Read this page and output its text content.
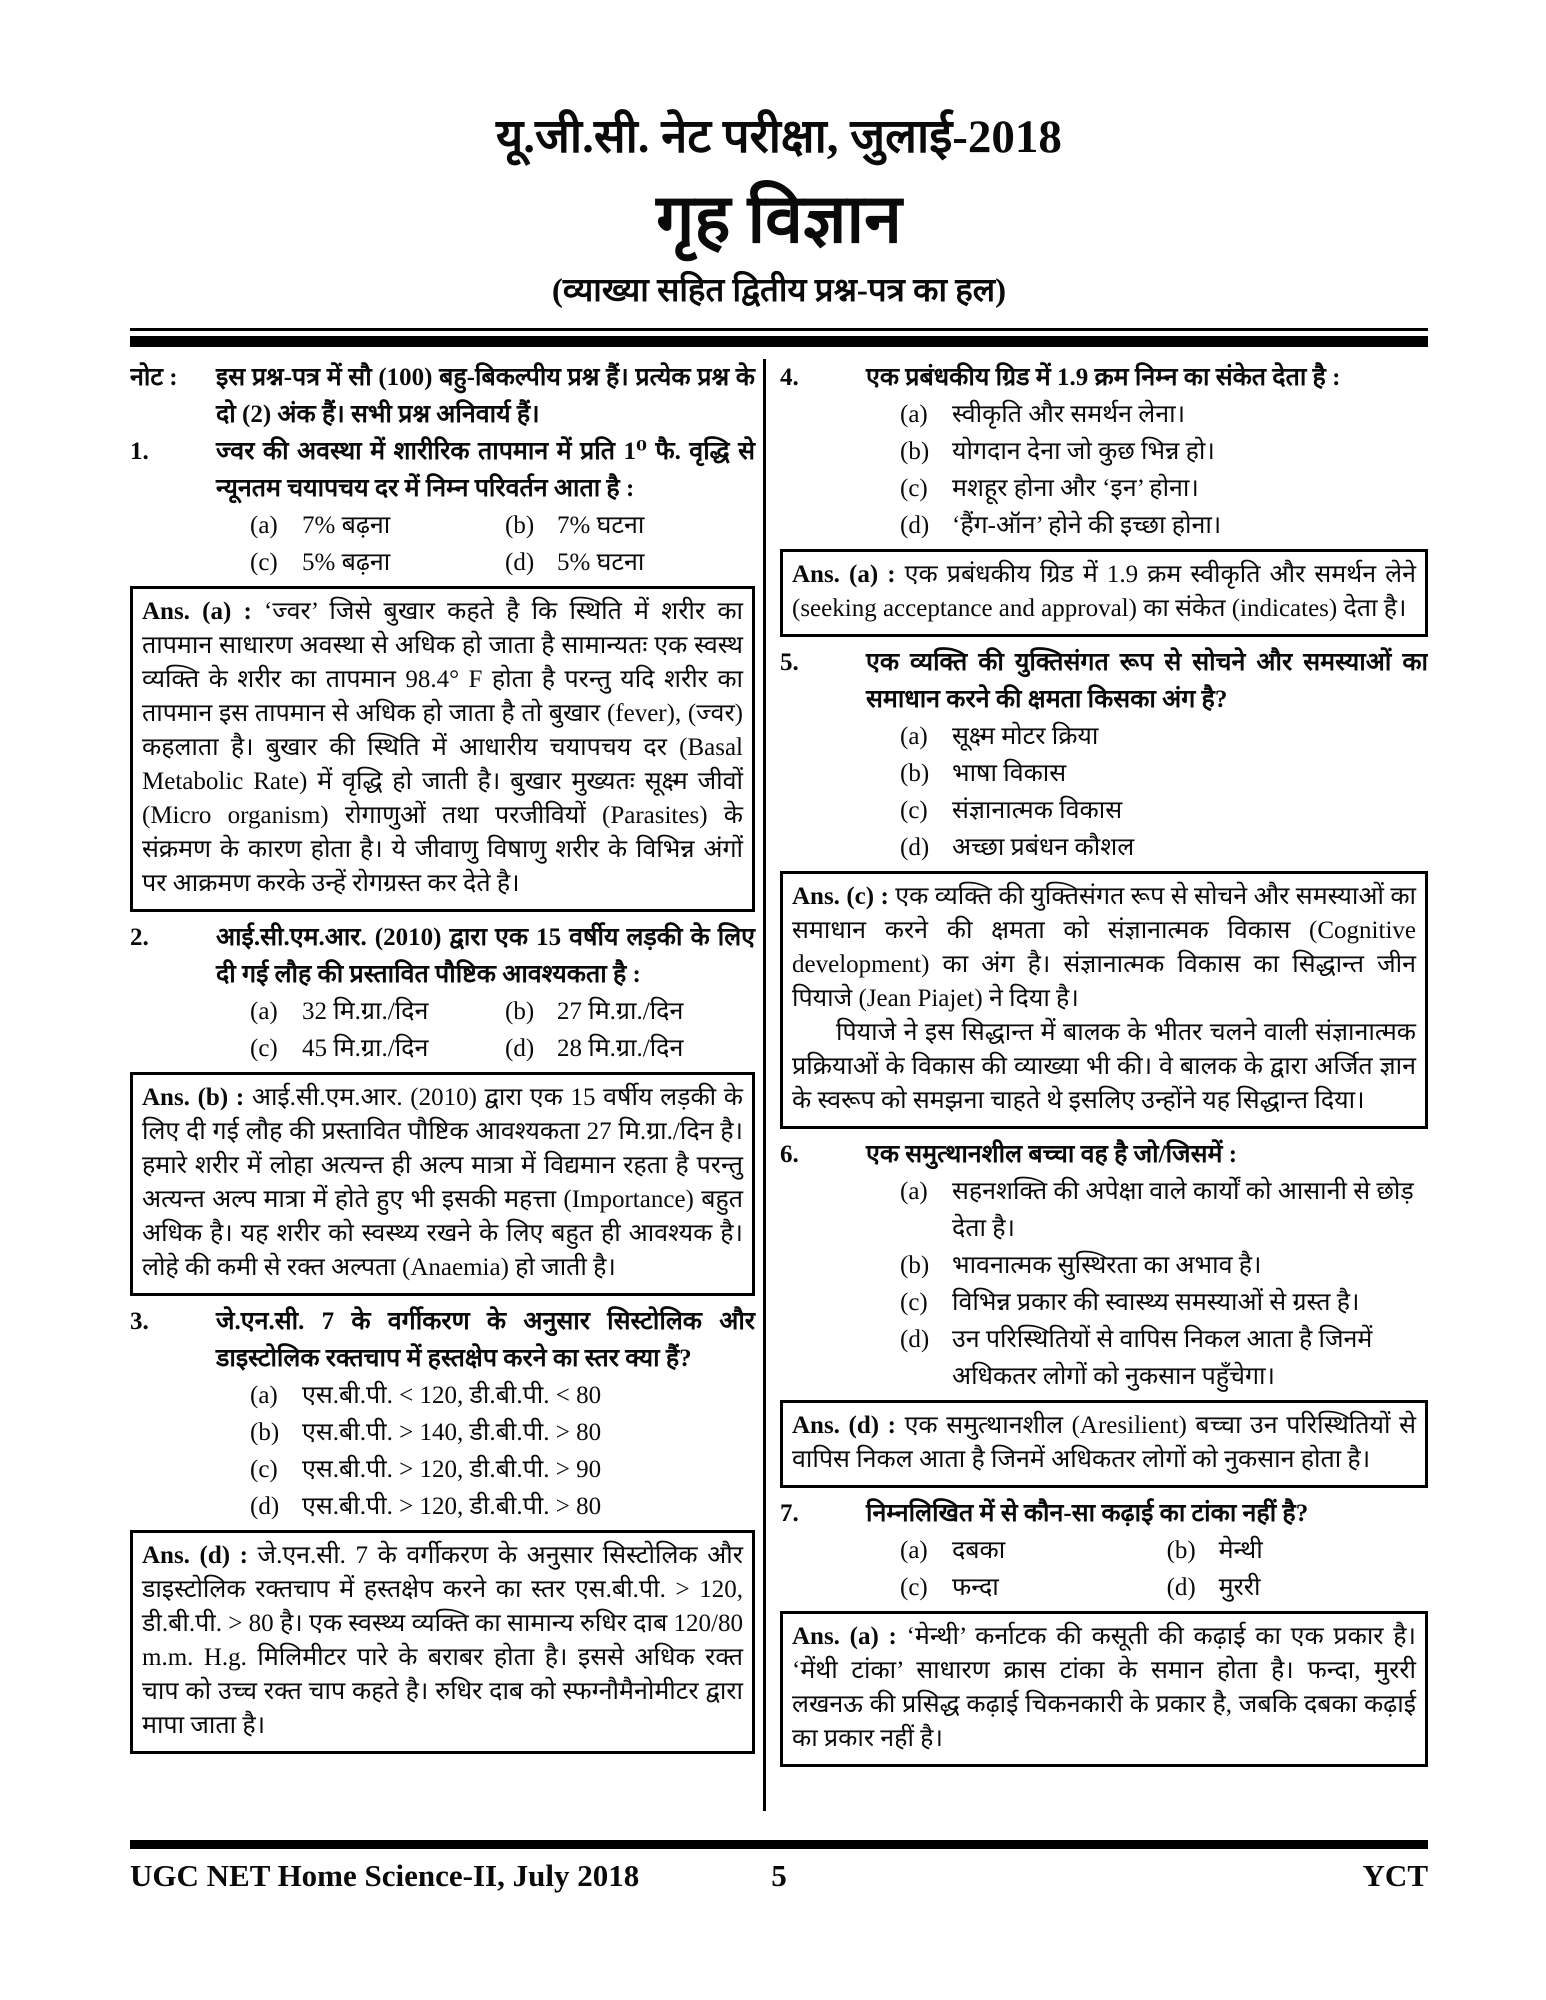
यू.जी.सी. नेट परीक्षा, जुलाई-2018
गृह विज्ञान
(व्याख्या सहित द्वितीय प्रश्न-पत्र का हल)
नोट :	इस प्रश्न-पत्र में सौ (100) बहु-बिकल्पीय प्रश्न हैं। प्रत्येक प्रश्न के दो (2) अंक हैं। सभी प्रश्न अनिवार्य हैं।
1.	ज्वर की अवस्था में शारीरिक तापमान में प्रति 1⁰ फै. वृद्धि से न्यूनतम चयापचय दर में निम्न परिवर्तन आता है :
(a) 7% बढ़ना	(b) 7% घटना
(c) 5% बढ़ना	(d) 5% घटना

Ans. (a) : ‘ज्वर’ जिसे बुखार कहते है कि स्थिति में शरीर का तापमान साधारण अवस्था से अधिक हो जाता है सामान्यतः एक स्वस्थ व्यक्ति के शरीर का तापमान 98.4° F होता है परन्तु यदि शरीर का तापमान इस तापमान से अधिक हो जाता है तो बुखार (fever), (ज्वर) कहलाता है। बुखार की स्थिति में आधारीय चयापचय दर (Basal Metabolic Rate) में वृद्धि हो जाती है। बुखार मुख्यतः सूक्ष्म जीवों (Micro organism) रोगाणुओं तथा परजीवियों (Parasites) के संक्रमण के कारण होता है। ये जीवाणु विषाणु शरीर के विभिन्न अंगों पर आक्रमण करके उन्हें रोगग्रस्त कर देते है।

2.	आई.सी.एम.आर. (2010) द्वारा एक 15 वर्षीय लड़की के लिए दी गई लौह की प्रस्तावित पौष्टिक आवश्यकता है :
(a) 32 मि.ग्रा./दिन	(b) 27 मि.ग्रा./दिन
(c) 45 मि.ग्रा./दिन	(d) 28 मि.ग्रा./दिन

Ans. (b) : आई.सी.एम.आर. (2010) द्वारा एक 15 वर्षीय लड़की के लिए दी गई लौह की प्रस्तावित पौष्टिक आवश्यकता 27 मि.ग्रा./दिन है। हमारे शरीर में लोहा अत्यन्त ही अल्प मात्रा में विद्यमान रहता है परन्तु अत्यन्त अल्प मात्रा में होते हुए भी इसकी महत्ता (Importance) बहुत अधिक है। यह शरीर को स्वस्थ्य रखने के लिए बहुत ही आवश्यक है। लोहे की कमी से रक्त अल्पता (Anaemia) हो जाती है।

3.	जे.एन.सी. 7 के वर्गीकरण के अनुसार सिस्टोलिक और डाइस्टोलिक रक्तचाप में हस्तक्षेप करने का स्तर क्या हैं?
(a) एस.बी.पी. < 120, डी.बी.पी. < 80
(b) एस.बी.पी. > 140, डी.बी.पी. > 80
(c) एस.बी.पी. > 120, डी.बी.पी. > 90
(d) एस.बी.पी. > 120, डी.बी.पी. > 80

Ans. (d) : जे.एन.सी. 7 के वर्गीकरण के अनुसार सिस्टोलिक और डाइस्टोलिक रक्तचाप में हस्तक्षेप करने का स्तर एस.बी.पी. > 120, डी.बी.पी. > 80 है। एक स्वस्थ्य व्यक्ति का सामान्य रुधिर दाब 120/80 m.m. H.g. मिलिमीटर पारे के बराबर होता है। इससे अधिक रक्त चाप को उच्च रक्त चाप कहते है। रुधिर दाब को स्फग्नौमैनोमीटर द्वारा मापा जाता है।

4.	एक प्रबंधकीय ग्रिड में 1.9 क्रम निम्न का संकेत देता है :
(a) स्वीकृति और समर्थन लेना।
(b) योगदान देना जो कुछ भिन्न हो।
(c) मशहूर होना और ‘इन’ होना।
(d) ‘हैंग-ऑन’ होने की इच्छा होना।

Ans. (a) : एक प्रबंधकीय ग्रिड में 1.9 क्रम स्वीकृति और समर्थन लेने (seeking acceptance and approval) का संकेत (indicates) देता है।

5.	एक व्यक्ति की युक्तिसंगत रूप से सोचने और समस्याओं का समाधान करने की क्षमता किसका अंग है?
(a) सूक्ष्म मोटर क्रिया
(b) भाषा विकास
(c) संज्ञानात्मक विकास
(d) अच्छा प्रबंधन कौशल

Ans. (c) : एक व्यक्ति की युक्तिसंगत रूप से सोचने और समस्याओं का समाधान करने की क्षमता को संज्ञानात्मक विकास (Cognitive development) का अंग है। संज्ञानात्मक विकास का सिद्धान्त जीन पियाजे (Jean Piajet) ने दिया है।

पियाजे ने इस सिद्धान्त में बालक के भीतर चलने वाली संज्ञानात्मक प्रक्रियाओं के विकास की व्याख्या भी की। वे बालक के द्वारा अर्जित ज्ञान के स्वरूप को समझना चाहते थे इसलिए उन्होंने यह सिद्धान्त दिया।

6.	एक समुत्थानशील बच्चा वह है जो/जिसमें :
(a) सहनशक्ति की अपेक्षा वाले कार्यों को आसानी से छोड़ देता है।
(b) भावनात्मक सुस्थिरता का अभाव है।
(c) विभिन्न प्रकार की स्वास्थ्य समस्याओं से ग्रस्त है।
(d) उन परिस्थितियों से वापिस निकल आता है जिनमें अधिकतर लोगों को नुकसान पहुँचेगा।

Ans. (d) : एक समुत्थानशील (Aresilient) बच्चा उन परिस्थितियों से वापिस निकल आता है जिनमें अधिकतर लोगों को नुकसान होता है।

7.	निम्नलिखित में से कौन-सा कढ़ाई का टांका नहीं है?
(a) दबका	(b) मेन्थी
(c) फन्दा	(d) मुररी

Ans. (a) : ‘मेन्थी’ कर्नाटक की कसूती की कढ़ाई का एक प्रकार है। ‘मेंथी टांका’ साधारण क्रास टांका के समान होता है। फन्दा, मुररी लखनऊ की प्रसिद्ध कढ़ाई चिकनकारी के प्रकार है, जबकि दबका कढ़ाई का प्रकार नहीं है।

UGC NET Home Science-II, July 2018	5	YCT
